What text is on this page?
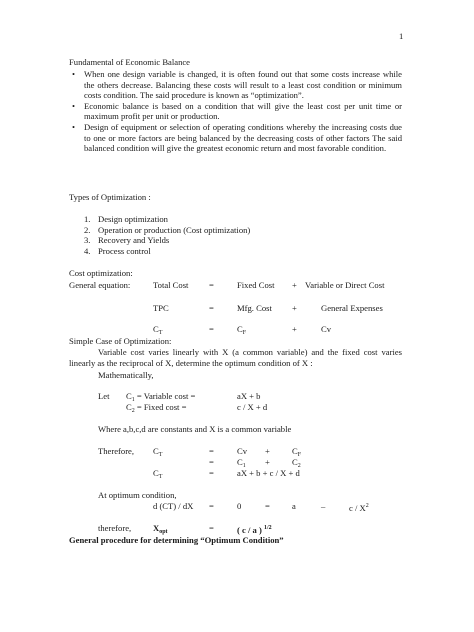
1
Fundamental of Economic Balance
• When one design variable is changed, it is often found out that some costs increase while the others decrease. Balancing these costs will result to a least cost condition or minimum costs condition. The said procedure is known as “optimization”.
• Economic balance is based on a condition that will give the least cost per unit time or maximum profit per unit or production.
• Design of equipment or selection of operating conditions whereby the increasing costs due to one or more factors are being balanced by the decreasing costs of other factors The said balanced condition will give the greatest economic return and most favorable condition.
Types of Optimization :
1. Design optimization
2. Operation or production (Cost optimization)
3. Recovery and Yields
4. Process control
Cost optimization:
General equation:	Total Cost =	Fixed Cost + Variable or Direct Cost
TPC	=	Mfg. Cost +	General Expenses
$C_T$	=	$C_F$	+	Cv
Simple Case of Optimization:
Variable cost varies linearly with X (a common variable) and the fixed cost varies linearly as the reciprocal of X, determine the optimum condition of X :
Mathematically,
Let $C_1$ = Variable cost =	aX + b
$C_2$ = Fixed cost =	c / X + d
Where a,b,c,d are constants and X is a common variable
Therefore, $C_T$	=	Cv +	$C_F$
=	$C_1$ +	$C_2$
$C_T$	=	aX + b + c / X + d
At optimum condition,
d (CT) / dX =	0	=	a	–	c / $X^2$
therefore,	$X_{opt}$	=	( c / a ) $^{1/2}$
General procedure for determining “Optimum Condition”
